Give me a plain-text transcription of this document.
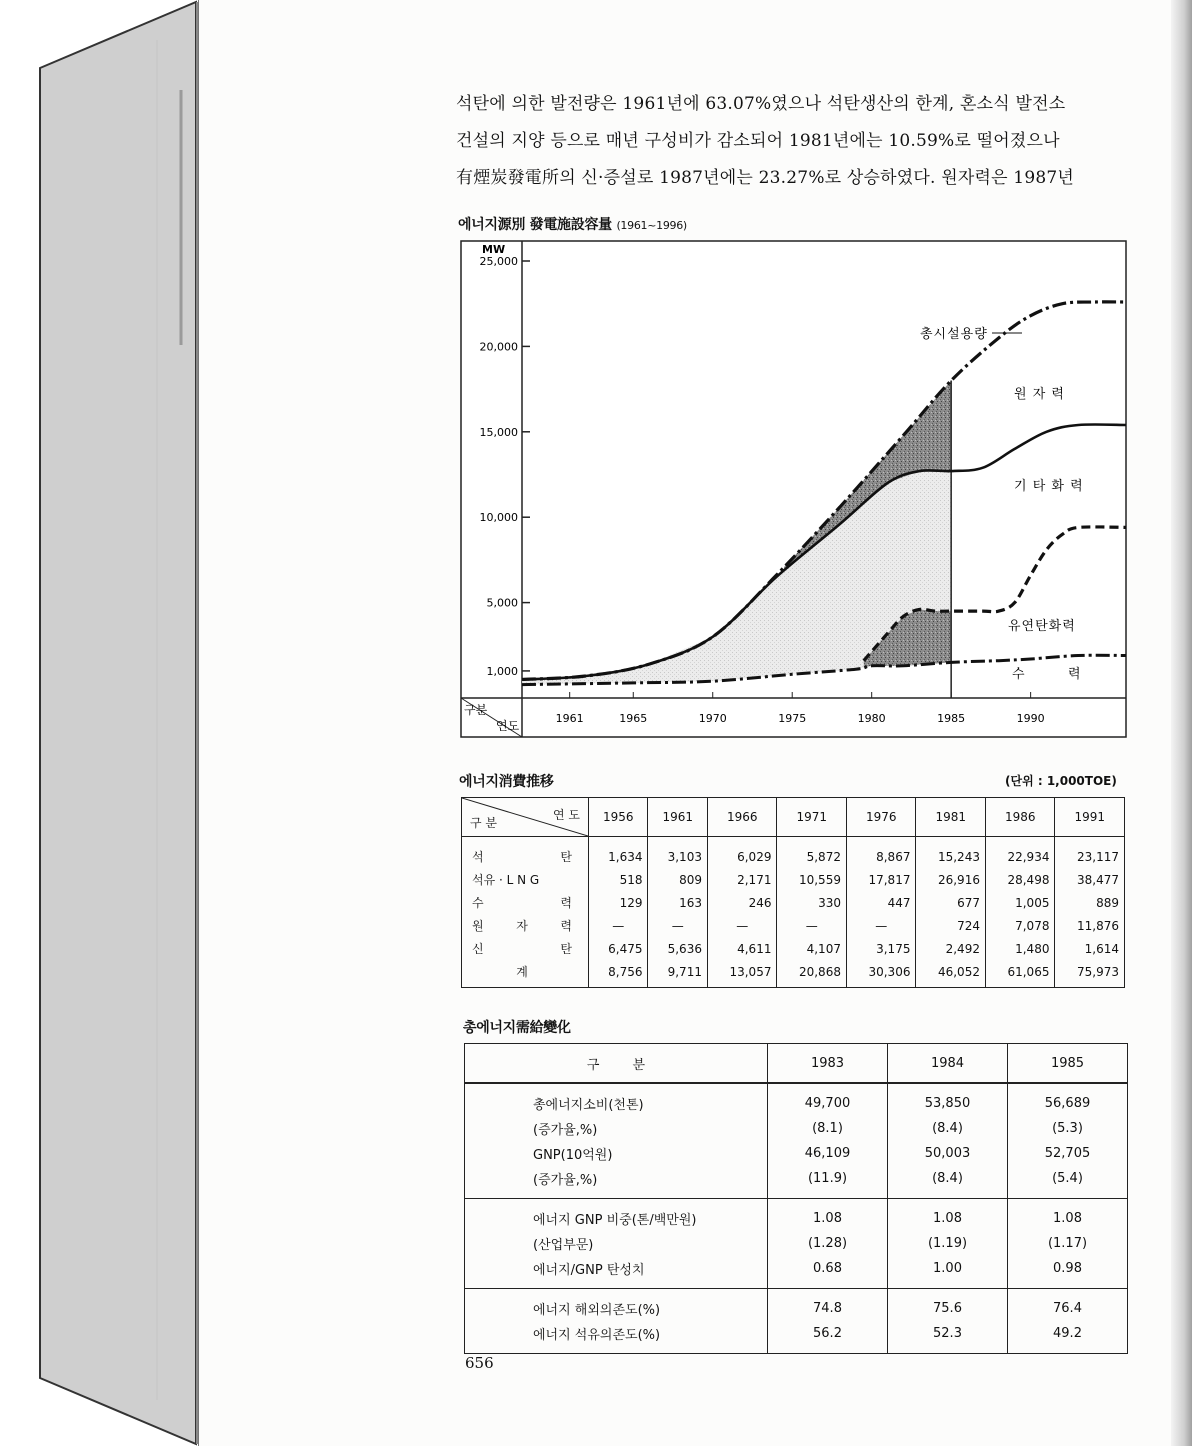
석탄에 의한 발전량은 1961년에 63.07%였으나 석탄생산의 한계, 혼소식 발전소

건설의 지양 등으로 매년 구성비가 감소되어 1981년에는 10.59%로 떨어졌으나

有煙炭發電所의 신·증설로 1987년에는 23.27%로 상승하였다. 원자력은 1987년

에너지源別 發電施設容量 (1961~1996)
구분
연도
MW
25,000
20,000
15,000
10,000
5,000
1,000
1961	1965	1970	1975	1980	1985	1990
총시설용량
원 자 력
기 타 화 력
유연탄화력
수	력
에너지消費推移	(단위 : 1,000TOE)
연 도
구 분	1956	1961	1966	1971	1976	1981	1986	1991

석 탄	1,634	3,103	6,029	5,872	8,867	15,243	22,934	23,117

석유 · L N G	518	809	2,171	10,559	17,817	26,916	28,498	38,477

수 력	129	163	246	330	447	677	1,005	889

원 자 력	—	—	—	—	—	724	7,078	11,876

신 탄	6,475	5,636	4,611	4,107	3,175	2,492	1,480	1,614

계	8,756	9,711	13,057	20,868	30,306	46,052	61,065	75,973
총에너지需給變化
구        분	1983	1984	1985
총에너지소비(천톤)	49,700	53,850	56,689
(증가율,%)	(8.1)	(8.4)	(5.3)
GNP(10억원)	46,109	50,003	52,705
(증가율,%)	(11.9)	(8.4)	(5.4)
에너지 GNP 비중(톤/백만원)	1.08	1.08	1.08
(산업부문)	(1.28)	(1.19)	(1.17)
에너지/GNP 탄성치	0.68	1.00	0.98
에너지 해외의존도(%)	74.8	75.6	76.4
에너지 석유의존도(%)	56.2	52.3	49.2
656
